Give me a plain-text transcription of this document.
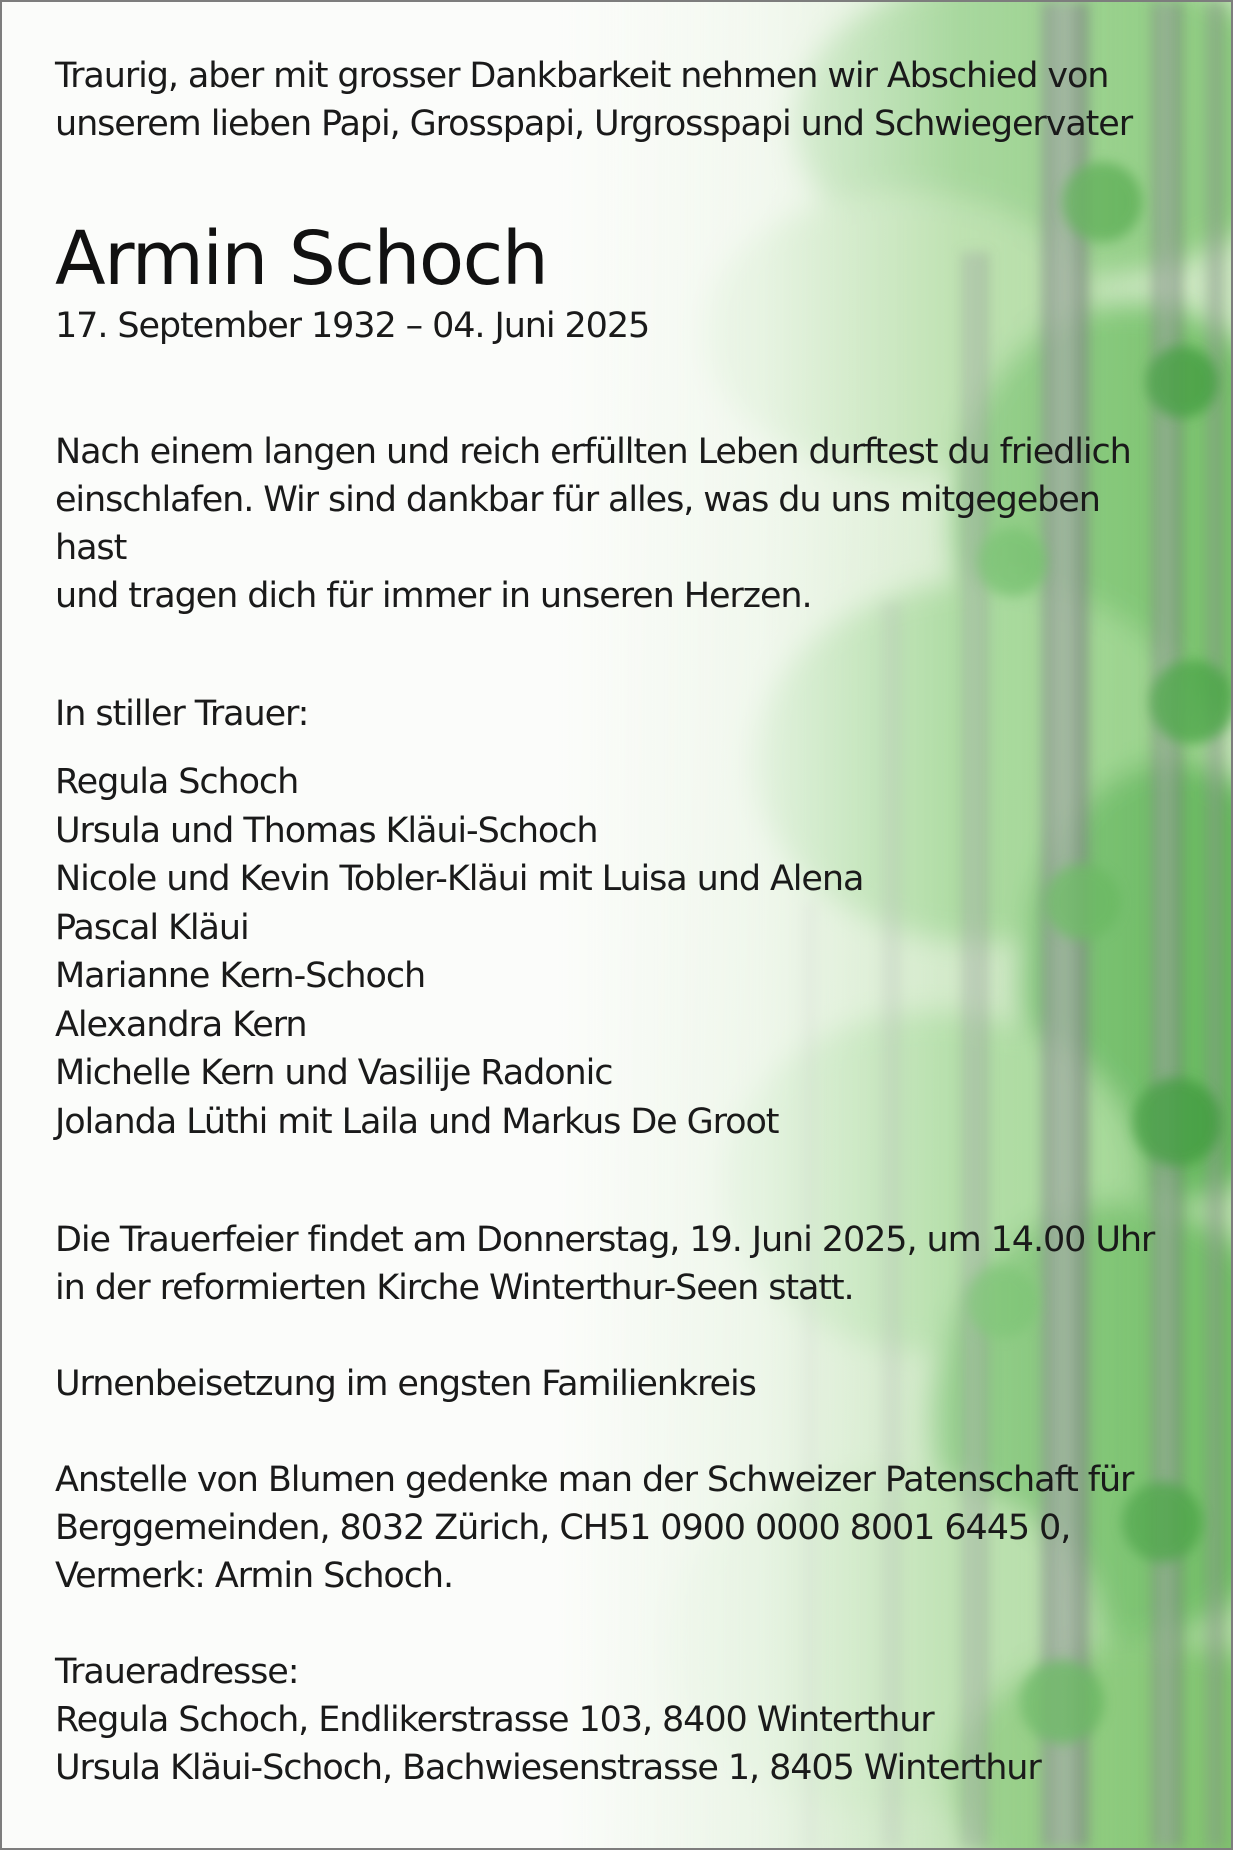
Traurig, aber mit grosser Dankbarkeit nehmen wir Abschied von
unserem lieben Papi, Grosspapi, Urgrosspapi und Schwiegervater

Armin Schoch

17. September 1932 – 04. Juni 2025

Nach einem langen und reich erfüllten Leben durftest du friedlich
einschlafen. Wir sind dankbar für alles, was du uns mitgegeben hast
und tragen dich für immer in unseren Herzen.

In stiller Trauer:

Regula Schoch
Ursula und Thomas Kläui-Schoch
Nicole und Kevin Tobler-Kläui mit Luisa und Alena
Pascal Kläui
Marianne Kern-Schoch
Alexandra Kern
Michelle Kern und Vasilije Radonic
Jolanda Lüthi mit Laila und Markus De Groot

Die Trauerfeier findet am Donnerstag, 19. Juni 2025, um 14.00 Uhr
in der reformierten Kirche Winterthur-Seen statt.

Urnenbeisetzung im engsten Familienkreis

Anstelle von Blumen gedenke man der Schweizer Patenschaft für
Berggemeinden, 8032 Zürich, CH51 0900 0000 8001 6445 0,
Vermerk: Armin Schoch.

Traueradresse:

Regula Schoch, Endlikerstrasse 103, 8400 Winterthur

Ursula Kläui-Schoch, Bachwiesenstrasse 1, 8405 Winterthur
